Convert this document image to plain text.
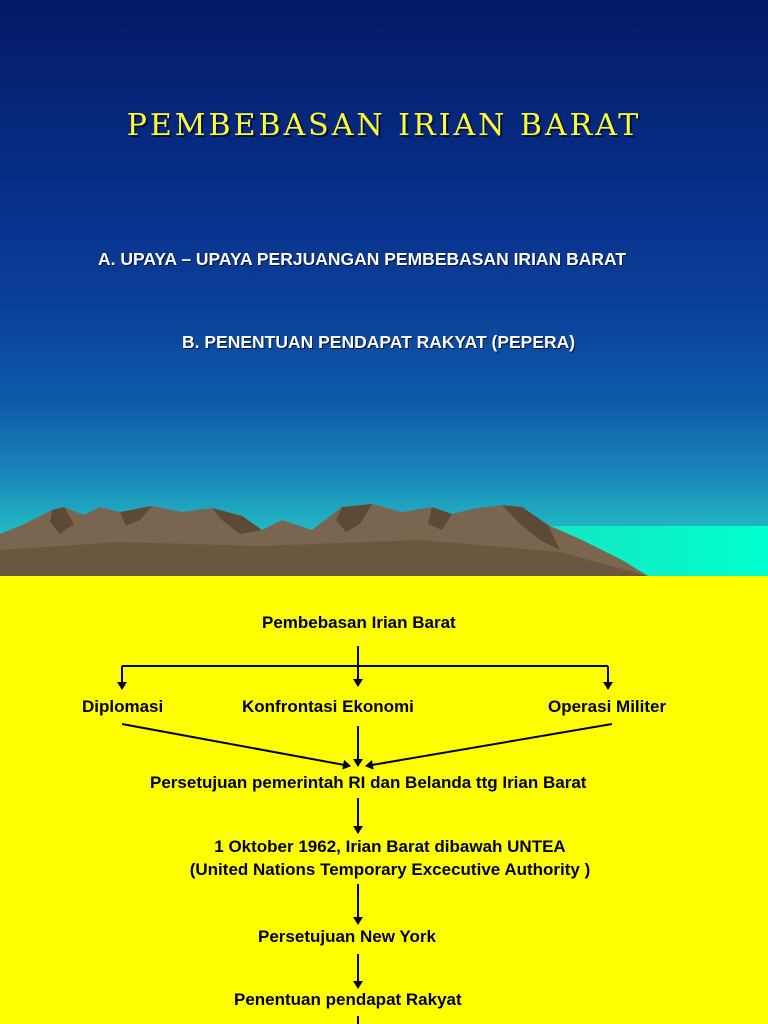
PEMBEBASAN IRIAN BARAT
A. UPAYA – UPAYA PERJUANGAN PEMBEBASAN IRIAN BARAT
B. PENENTUAN PENDAPAT RAKYAT (PEPERA)
Pembebasan Irian Barat
Diplomasi	Konfrontasi Ekonomi	Operasi Militer
Persetujuan pemerintah RI dan Belanda ttg Irian Barat
1 Oktober 1962, Irian Barat dibawah UNTEA
(United Nations Temporary Excecutive Authority )
Persetujuan New York
Penentuan pendapat Rakyat
